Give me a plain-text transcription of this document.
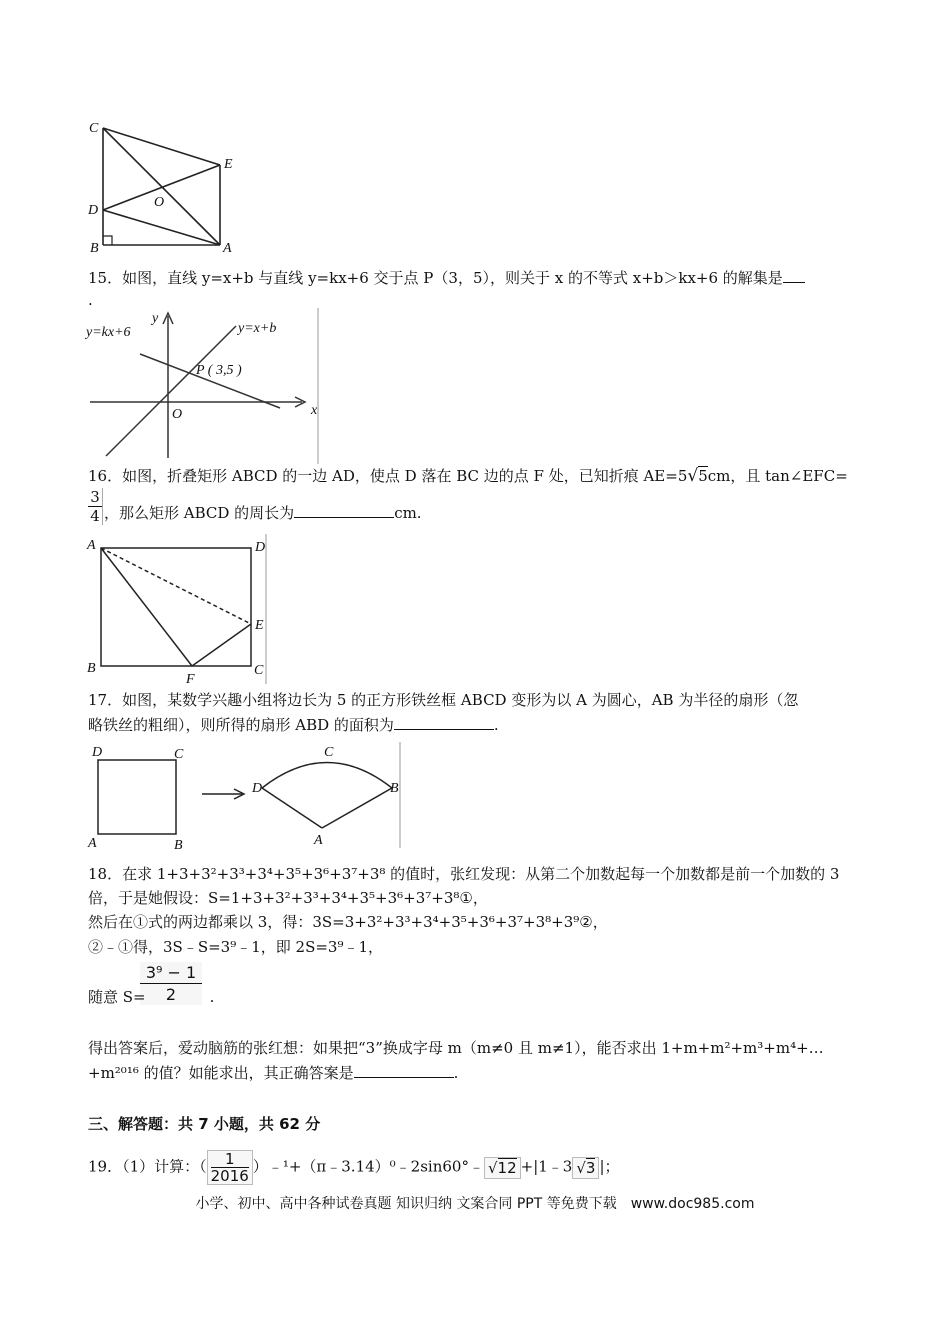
C
E
O
D
B	A
15．如图，直线 y=x+b 与直线 y=kx+6 交于点 P（3，5），则关于 x 的不等式 x+b＞kx+6 的解集是
.
y=kx+6	y=x+b
y
x
O
P ( 3,5 )
16．如图，折叠矩形 ABCD 的一边 AD，使点 D 落在 BC 边的点 F 处，已知折痕 AE=5√5cm，且 tan∠EFC=
$\frac{3}{4}$ ，那么矩形 ABCD 的周长为	cm.
A	D
E
B
F
C
17．如图，某数学兴趣小组将边长为 5 的正方形铁丝框 ABCD 变形为以 A 为圆心，AB 为半径的扇形（忽
略铁丝的粗细），则所得的扇形 ABD 的面积为	.
D	C
A	B
D
C
B
A
18．在求 1+3+3²+3³+3⁴+3⁵+3⁶+3⁷+3⁸ 的值时，张红发现：从第二个加数起每一个加数都是前一个加数的 3
倍，于是她假设：S=1+3+3²+3³+3⁴+3⁵+3⁶+3⁷+3⁸①，
然后在①式的两边都乘以 3，得：3S=3+3²+3³+3⁴+3⁵+3⁶+3⁷+3⁸+3⁹②，
②﹣①得，3S﹣S=3⁹﹣1，即 2S=3⁹﹣1，
$\frac{\text{3⁹ − 1}}{2}$
随意 S=	.
得出答案后，爱动脑筋的张红想：如果把“3”换成字母 m（m≠0 且 m≠1），能否求出 1+m+m²+m³+m⁴+…
+m²⁰¹⁶ 的值？如能求出，其正确答案是	.
三、解答题：共 7 小题，共 62 分
19．（1）计算：（ $\frac{1}{2016}$ ）﹣¹+（π﹣3.14）⁰﹣2sin60°﹣ √12 +|1﹣3 √3 |；
小学、初中、高中各种试卷真题 知识归纳 文案合同 PPT 等免费下载　www.doc985.com
